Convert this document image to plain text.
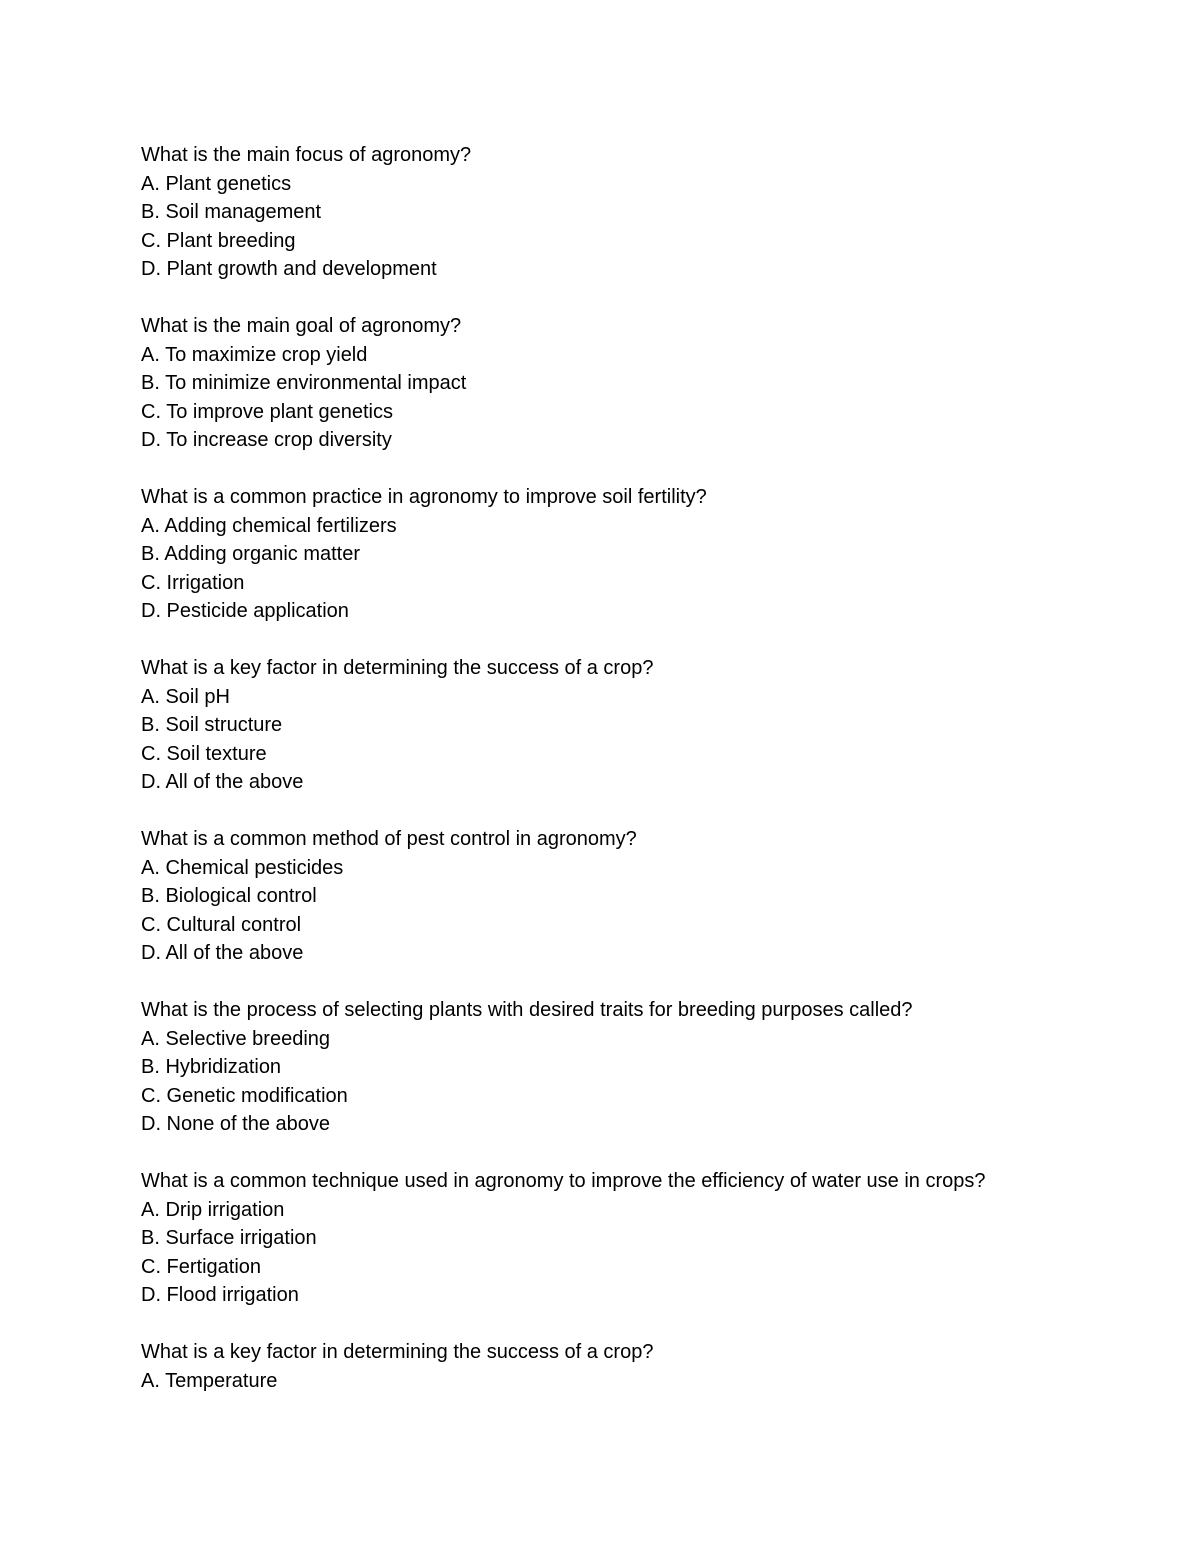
What is the main focus of agronomy?
A. Plant genetics
B. Soil management
C. Plant breeding
D. Plant growth and development
What is the main goal of agronomy?
A. To maximize crop yield
B. To minimize environmental impact
C. To improve plant genetics
D. To increase crop diversity
What is a common practice in agronomy to improve soil fertility?
A. Adding chemical fertilizers
B. Adding organic matter
C. Irrigation
D. Pesticide application
What is a key factor in determining the success of a crop?
A. Soil pH
B. Soil structure
C. Soil texture
D. All of the above
What is a common method of pest control in agronomy?
A. Chemical pesticides
B. Biological control
C. Cultural control
D. All of the above
What is the process of selecting plants with desired traits for breeding purposes called?
A. Selective breeding
B. Hybridization
C. Genetic modification
D. None of the above
What is a common technique used in agronomy to improve the efficiency of water use in crops?
A. Drip irrigation
B. Surface irrigation
C. Fertigation
D. Flood irrigation
What is a key factor in determining the success of a crop?
A. Temperature
